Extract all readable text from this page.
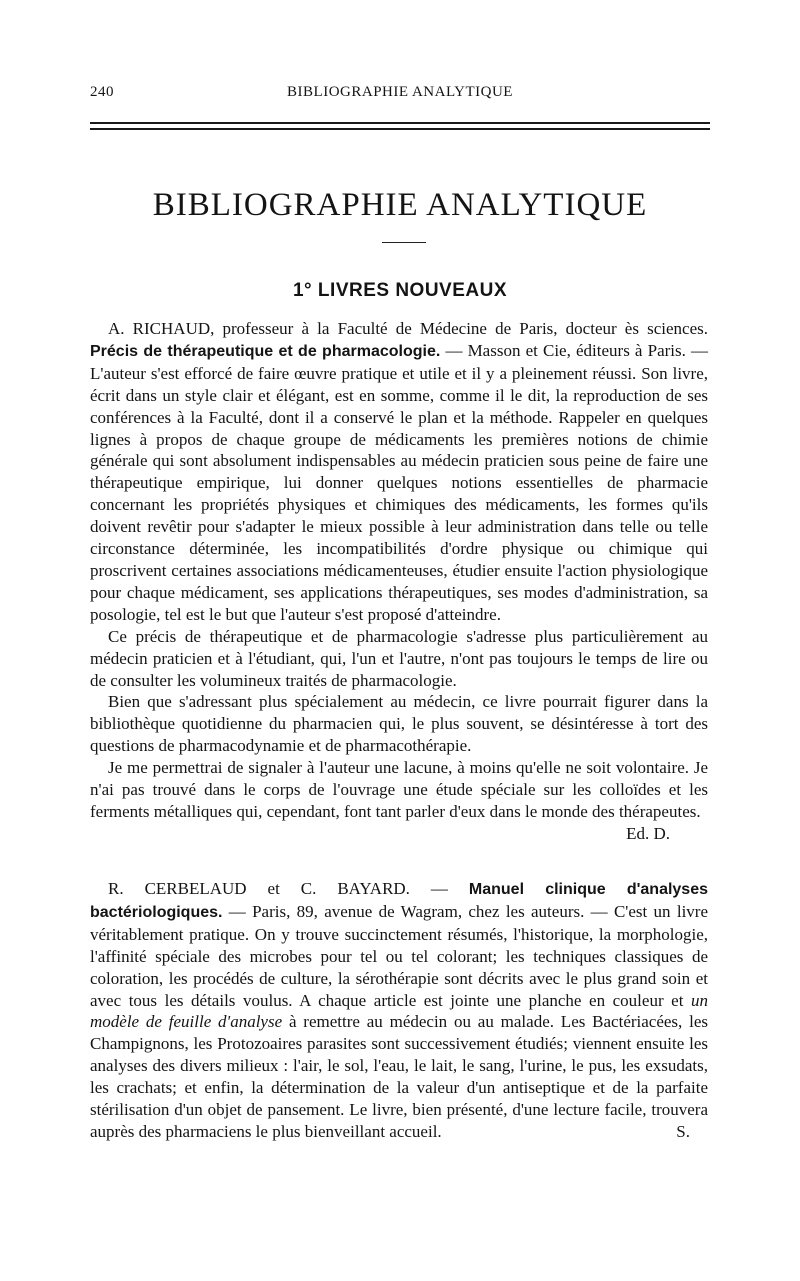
240	BIBLIOGRAPHIE ANALYTIQUE
BIBLIOGRAPHIE ANALYTIQUE
1° LIVRES NOUVEAUX

A. RICHAUD, professeur à la Faculté de Médecine de Paris, docteur ès sciences. Précis de thérapeutique et de pharmacologie. — Masson et Cie, éditeurs à Paris. — L'auteur s'est efforcé de faire œuvre pratique et utile et il y a pleinement réussi. Son livre, écrit dans un style clair et élégant, est en somme, comme il le dit, la reproduction de ses conférences à la Faculté, dont il a conservé le plan et la méthode. Rappeler en quelques lignes à propos de chaque groupe de médicaments les premières notions de chimie générale qui sont absolument indispensables au médecin praticien sous peine de faire une thérapeutique empirique, lui donner quelques notions essentielles de pharmacie concernant les propriétés physiques et chimiques des médicaments, les formes qu'ils doivent revêtir pour s'adapter le mieux possible à leur administration dans telle ou telle circonstance déterminée, les incompatibilités d'ordre physique ou chimique qui proscrivent certaines associations médicamenteuses, étudier ensuite l'action physiologique pour chaque médicament, ses applications thérapeutiques, ses modes d'administration, sa posologie, tel est le but que l'auteur s'est proposé d'atteindre.

Ce précis de thérapeutique et de pharmacologie s'adresse plus particulièrement au médecin praticien et à l'étudiant, qui, l'un et l'autre, n'ont pas toujours le temps de lire ou de consulter les volumineux traités de pharmacologie.

Bien que s'adressant plus spécialement au médecin, ce livre pourrait figurer dans la bibliothèque quotidienne du pharmacien qui, le plus souvent, se désintéresse à tort des questions de pharmacodynamie et de pharmacothérapie.

Je me permettrai de signaler à l'auteur une lacune, à moins qu'elle ne soit volontaire. Je n'ai pas trouvé dans le corps de l'ouvrage une étude spéciale sur les colloïdes et les ferments métalliques qui, cependant, font tant parler d'eux dans le monde des thérapeutes.
Ed. D.

R. CERBELAUD et C. BAYARD. — Manuel clinique d'analyses bactériologiques. — Paris, 89, avenue de Wagram, chez les auteurs. — C'est un livre véritablement pratique. On y trouve succinctement résumés, l'historique, la morphologie, l'affinité spéciale des microbes pour tel ou tel colorant; les techniques classiques de coloration, les procédés de culture, la sérothérapie sont décrits avec le plus grand soin et avec tous les détails voulus. A chaque article est jointe une planche en couleur et un modèle de feuille d'analyse à remettre au médecin ou au malade. Les Bactériacées, les Champignons, les Protozoaires parasites sont successivement étudiés; viennent ensuite les analyses des divers milieux : l'air, le sol, l'eau, le lait, le sang, l'urine, le pus, les exsudats, les crachats; et enfin, la détermination de la valeur d'un antiseptique et de la parfaite stérilisation d'un objet de pansement. Le livre, bien présenté, d'une lecture facile, trouvera auprès des pharmaciens le plus bienveillant accueil.	S.
